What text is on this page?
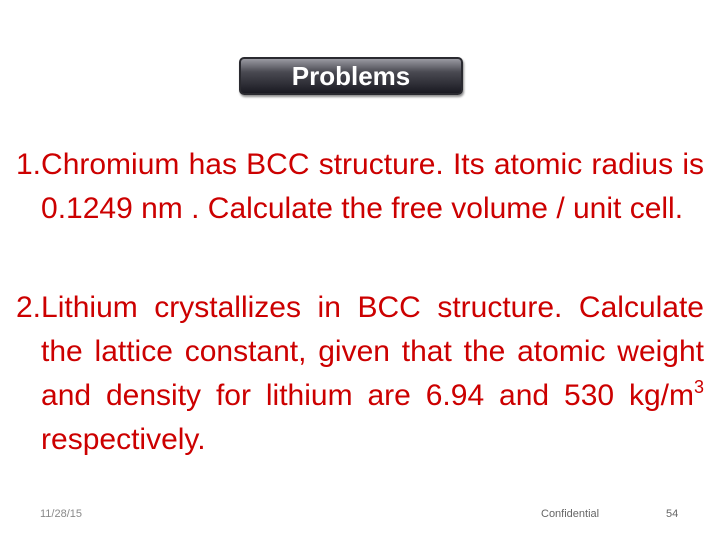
Problems
1. Chromium has BCC structure. Its atomic radius is 0.1249 nm . Calculate the free volume / unit cell.
2. Lithium crystallizes in BCC structure. Calculate the lattice constant, given that the atomic weight and density for lithium are 6.94 and 530 $kg/m^3$ respectively.
11/28/15	Confidential	54
